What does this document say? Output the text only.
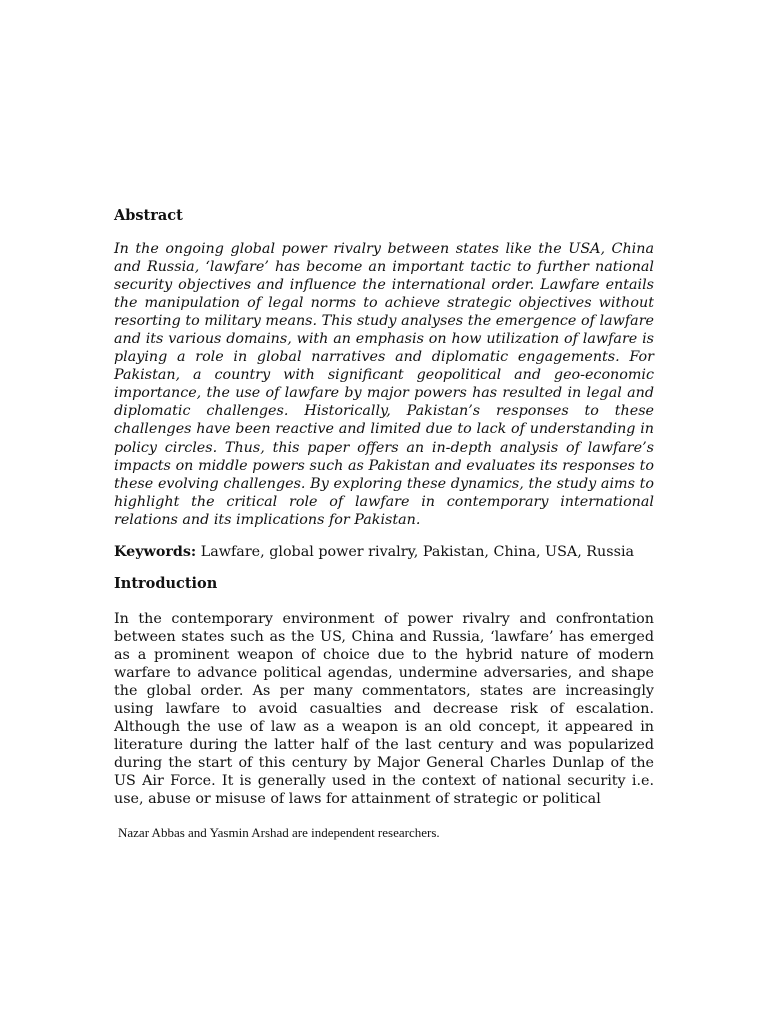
Abstract

In the ongoing global power rivalry between states like the USA, China and Russia, ‘lawfare’ has become an important tactic to further national security objectives and influence the international order. Lawfare entails the manipulation of legal norms to achieve strategic objectives without resorting to military means. This study analyses the emergence of lawfare and its various domains, with an emphasis on how utilization of lawfare is playing a role in global narratives and diplomatic engagements. For Pakistan, a country with significant geopolitical and geo-economic importance, the use of lawfare by major powers has resulted in legal and diplomatic challenges. Historically, Pakistan’s responses to these challenges have been reactive and limited due to lack of understanding in policy circles. Thus, this paper offers an in-depth analysis of lawfare’s impacts on middle powers such as Pakistan and evaluates its responses to these evolving challenges. By exploring these dynamics, the study aims to highlight the critical role of lawfare in contemporary international relations and its implications for Pakistan.

Keywords: Lawfare, global power rivalry, Pakistan, China, USA, Russia

Introduction

In the contemporary environment of power rivalry and confrontation between states such as the US, China and Russia, ‘lawfare’ has emerged as a prominent weapon of choice due to the hybrid nature of modern warfare to advance political agendas, undermine adversaries, and shape the global order. As per many commentators, states are increasingly using lawfare to avoid casualties and decrease risk of escalation. Although the use of law as a weapon is an old concept, it appeared in literature during the latter half of the last century and was popularized during the start of this century by Major General Charles Dunlap of the US Air Force. It is generally used in the context of national security i.e. use, abuse or misuse of laws for attainment of strategic or political

Nazar Abbas and Yasmin Arshad are independent researchers.
